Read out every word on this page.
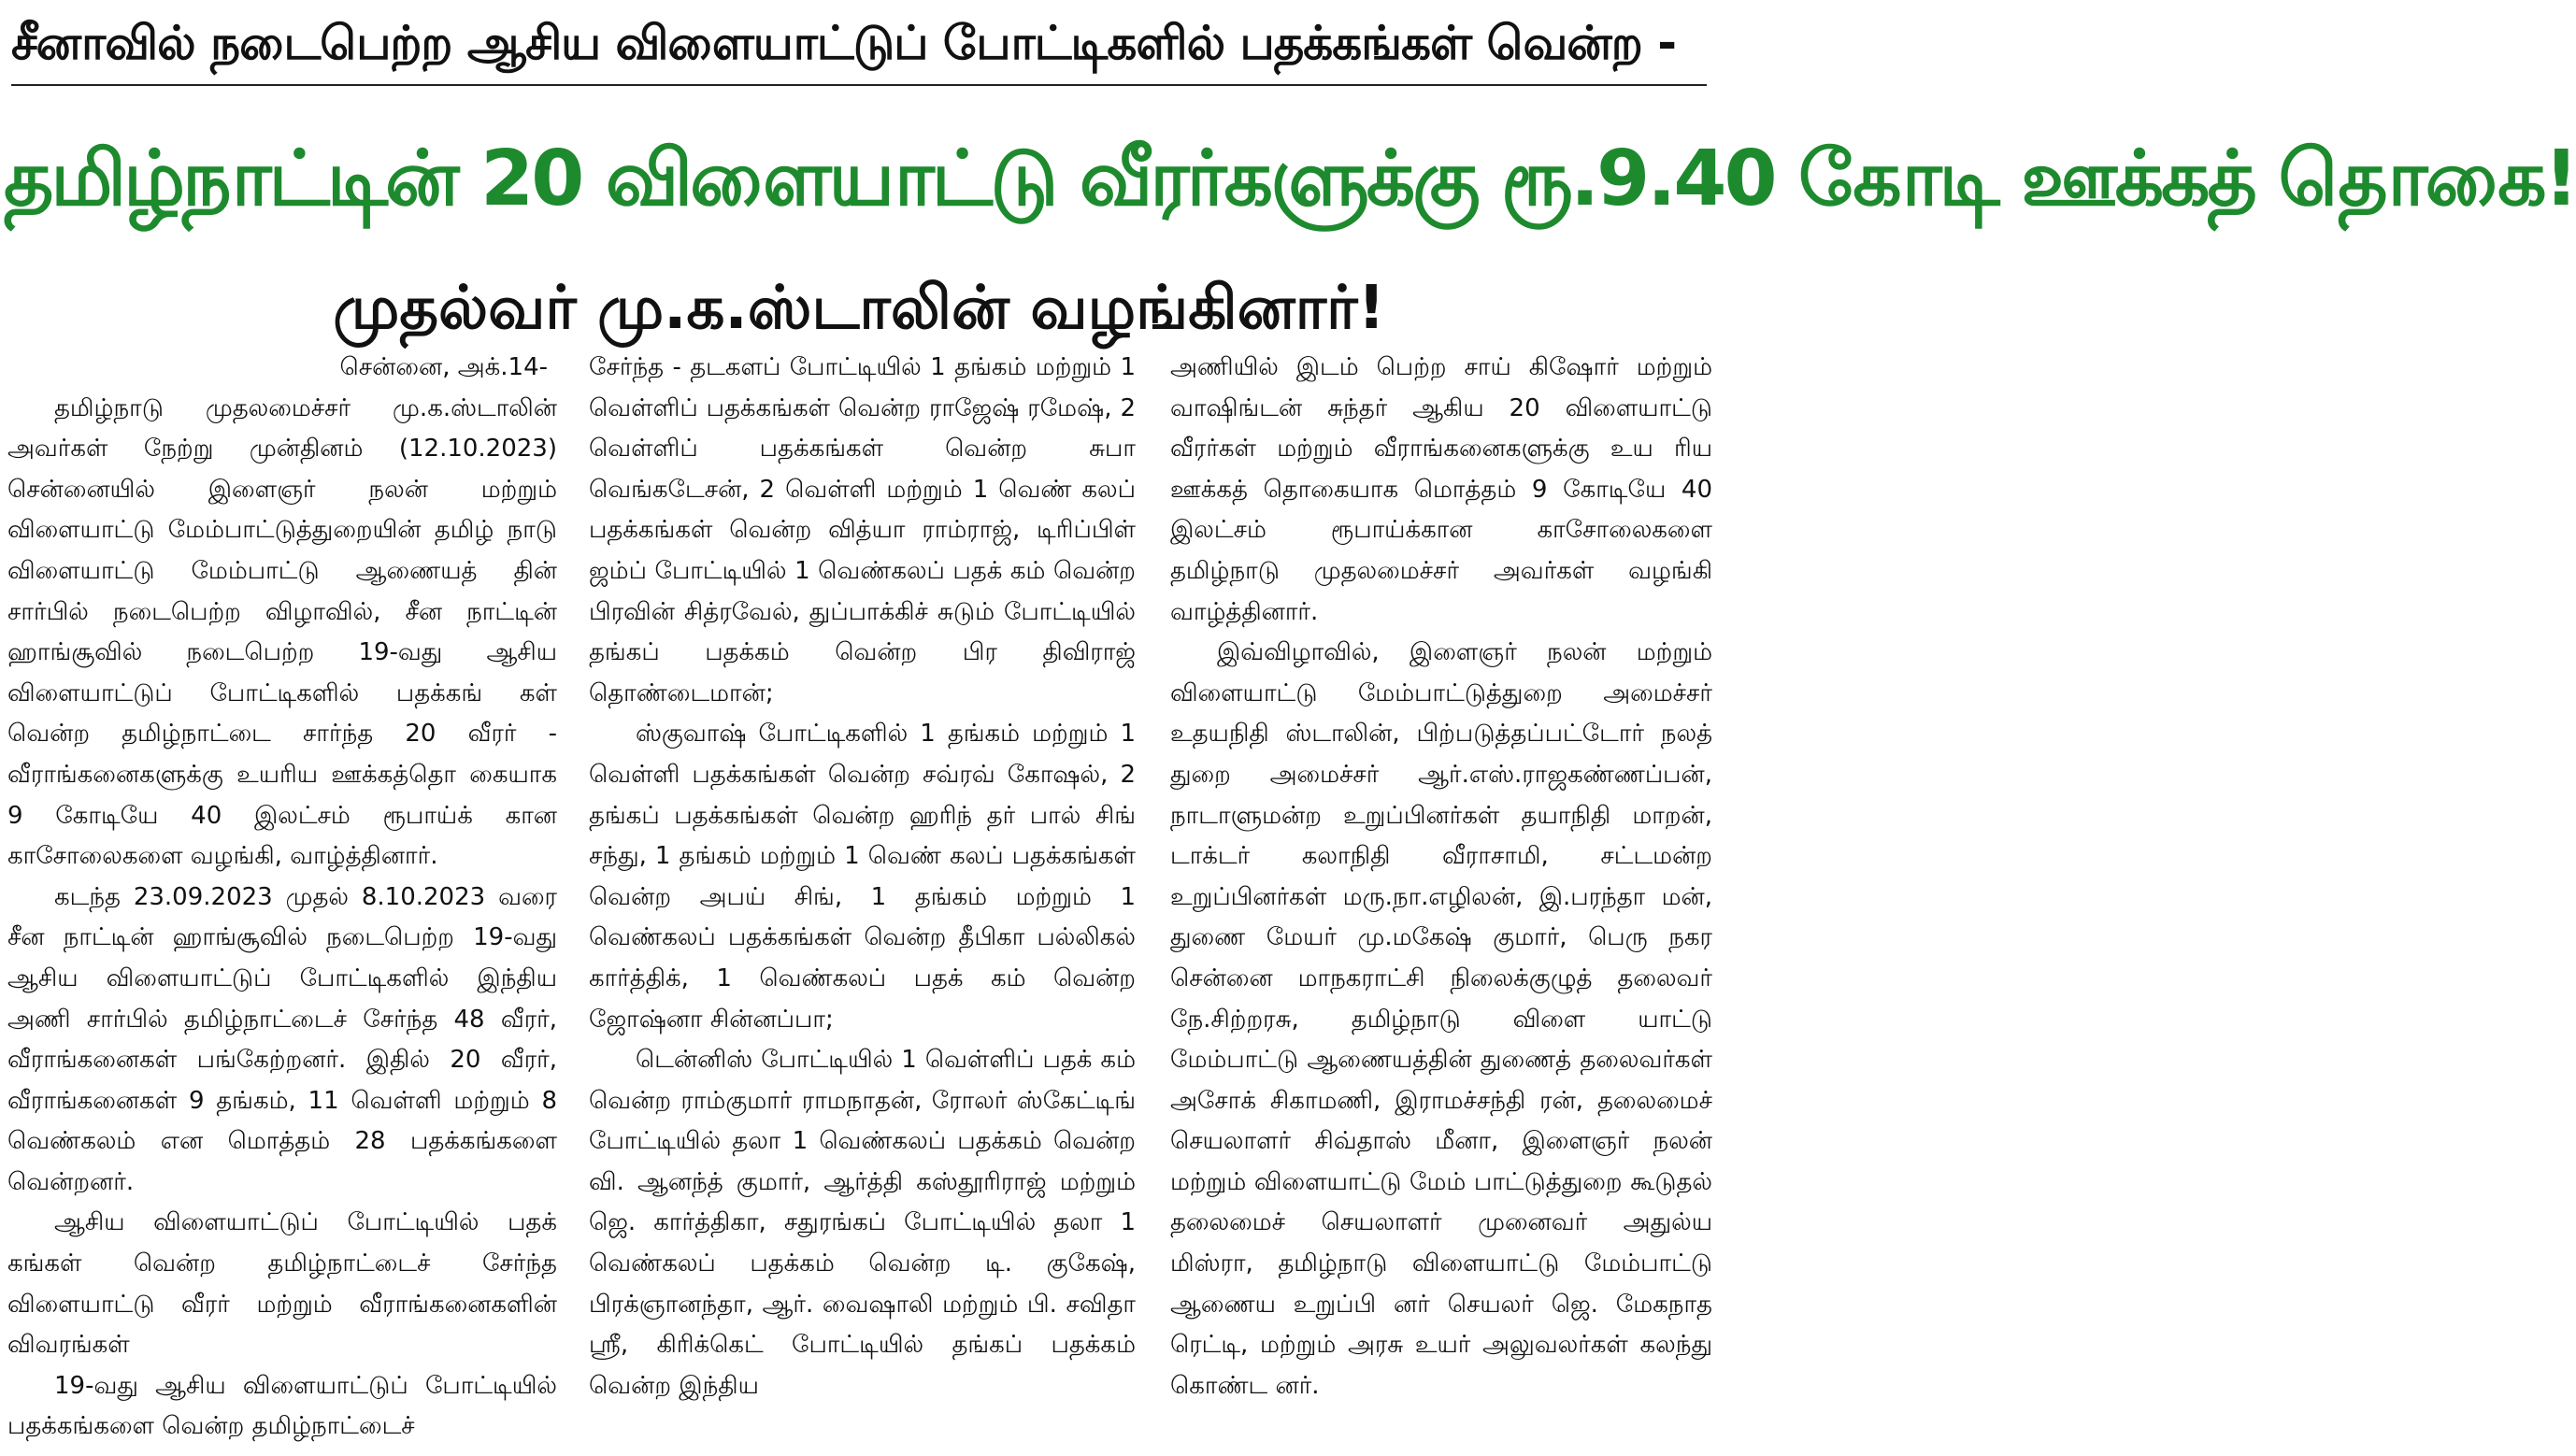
சீனாவில் நடைபெற்ற ஆசிய விளையாட்டுப் போட்டிகளில் பதக்கங்கள் வென்ற -
தமிழ்நாட்டின் 20 விளையாட்டு வீரர்களுக்கு ரூ.9.40 கோடி ஊக்கத் தொகை!
முதல்வர் மு.க.ஸ்டாலின் வழங்கினார்!

சென்னை, அக்.14-

தமிழ்நாடு முதலமைச்சர் மு.க.ஸ்டாலின் அவர்கள் நேற்று முன்தினம் (12.10.2023) சென்னையில் இளைஞர் நலன் மற்றும் விளையாட்டு மேம்பாட்டுத்துறையின் தமிழ் நாடு விளையாட்டு மேம்பாட்டு ஆணையத் தின் சார்பில் நடைபெற்ற விழாவில், சீன நாட்டின் ஹாங்சூவில் நடைபெற்ற 19-வது ஆசிய விளையாட்டுப் போட்டிகளில் பதக்கங் கள் வென்ற தமிழ்நாட்டை சார்ந்த 20 வீரர் - வீராங்கனைகளுக்கு உயரிய ஊக்கத்தொ கையாக 9 கோடியே 40 இலட்சம் ரூபாய்க் கான காசோலைகளை வழங்கி, வாழ்த்தினார்.

கடந்த 23.09.2023 முதல் 8.10.2023 வரை சீன நாட்டின் ஹாங்சூவில் நடைபெற்ற 19-வது ஆசிய விளையாட்டுப் போட்டிகளில் இந்திய அணி சார்பில் தமிழ்நாட்டைச் சேர்ந்த 48 வீரர், வீராங்கனைகள் பங்கேற்றனர். இதில் 20 வீரர், வீராங்கனைகள் 9 தங்கம், 11 வெள்ளி மற்றும் 8 வெண்கலம் என மொத்தம் 28 பதக்கங்களை வென்றனர்.

ஆசிய விளையாட்டுப் போட்டியில் பதக் கங்கள் வென்ற தமிழ்நாட்டைச் சேர்ந்த விளையாட்டு வீரர் மற்றும் வீராங்கனைகளின் விவரங்கள்

19-வது ஆசிய விளையாட்டுப் போட்டியில் பதக்கங்களை வென்ற தமிழ்நாட்டைச்

சேர்ந்த - தடகளப் போட்டியில் 1 தங்கம் மற்றும் 1 வெள்ளிப் பதக்கங்கள் வென்ற ராஜேஷ் ரமேஷ், 2 வெள்ளிப் பதக்கங்கள் வென்ற சுபா வெங்கடேசன், 2 வெள்ளி மற்றும் 1 வெண் கலப் பதக்கங்கள் வென்ற வித்யா ராம்ராஜ், டிரிப்பிள் ஜம்ப் போட்டியில் 1 வெண்கலப் பதக் கம் வென்ற பிரவின் சித்ரவேல், துப்பாக்கிச் சுடும் போட்டியில் தங்கப் பதக்கம் வென்ற பிர திவிராஜ் தொண்டைமான்;

ஸ்குவாஷ் போட்டிகளில் 1 தங்கம் மற்றும் 1 வெள்ளி பதக்கங்கள் வென்ற சவ்ரவ் கோஷல், 2 தங்கப் பதக்கங்கள் வென்ற ஹரிந் தர் பால் சிங் சந்து, 1 தங்கம் மற்றும் 1 வெண் கலப் பதக்கங்கள் வென்ற அபய் சிங், 1 தங்கம் மற்றும் 1 வெண்கலப் பதக்கங்கள் வென்ற தீபிகா பல்லிகல் கார்த்திக், 1 வெண்கலப் பதக் கம் வென்ற ஜோஷ்னா சின்னப்பா;

டென்னிஸ் போட்டியில் 1 வெள்ளிப் பதக் கம் வென்ற ராம்குமார் ராமநாதன், ரோலர் ஸ்கேட்டிங் போட்டியில் தலா 1 வெண்கலப் பதக்கம் வென்ற வி. ஆனந்த் குமார், ஆர்த்தி கஸ்தூரிராஜ் மற்றும் ஜெ. கார்த்திகா, சதுரங்கப் போட்டியில் தலா 1 வெண்கலப் பதக்கம் வென்ற டி. குகேஷ், பிரக்ஞானந்தா, ஆர். வைஷாலி மற்றும் பி. சவிதா ஸ்ரீ, கிரிக்கெட் போட்டியில் தங்கப் பதக்கம் வென்ற இந்திய

அணியில் இடம் பெற்ற சாய் கிஷோர் மற்றும் வாஷிங்டன் சுந்தர் ஆகிய 20 விளையாட்டு வீரர்கள் மற்றும் வீராங்கனைகளுக்கு உய ரிய ஊக்கத் தொகையாக மொத்தம் 9 கோடியே 40 இலட்சம் ரூபாய்க்கான காசோலைகளை தமிழ்நாடு முதலமைச்சர் அவர்கள் வழங்கி வாழ்த்தினார்.

இவ்விழாவில், இளைஞர் நலன் மற்றும் விளையாட்டு மேம்பாட்டுத்துறை அமைச்சர் உதயநிதி ஸ்டாலின், பிற்படுத்தப்பட்டோர் நலத் துறை அமைச்சர் ஆர்.எஸ்.ராஜகண்ணப்பன், நாடாளுமன்ற உறுப்பினர்கள் தயாநிதி மாறன், டாக்டர் கலாநிதி வீராசாமி, சட்டமன்ற உறுப்பினர்கள் மரு.நா.எழிலன், இ.பரந்தா மன், துணை மேயர் மு.மகேஷ் குமார், பெரு நகர சென்னை மாநகராட்சி நிலைக்குழுத் தலைவர் நே.சிற்றரசு, தமிழ்நாடு விளை யாட்டு மேம்பாட்டு ஆணையத்தின் துணைத் தலைவர்கள் அசோக் சிகாமணி, இராமச்சந்தி ரன், தலைமைச் செயலாளர் சிவ்தாஸ் மீனா, இளைஞர் நலன் மற்றும் விளையாட்டு மேம் பாட்டுத்துறை கூடுதல் தலைமைச் செயலாளர் முனைவர் அதுல்ய மிஸ்ரா, தமிழ்நாடு விளையாட்டு மேம்பாட்டு ஆணைய உறுப்பி னர் செயலர் ஜெ. மேகநாத ரெட்டி, மற்றும் அரசு உயர் அலுவலர்கள் கலந்து கொண்ட னர்.
